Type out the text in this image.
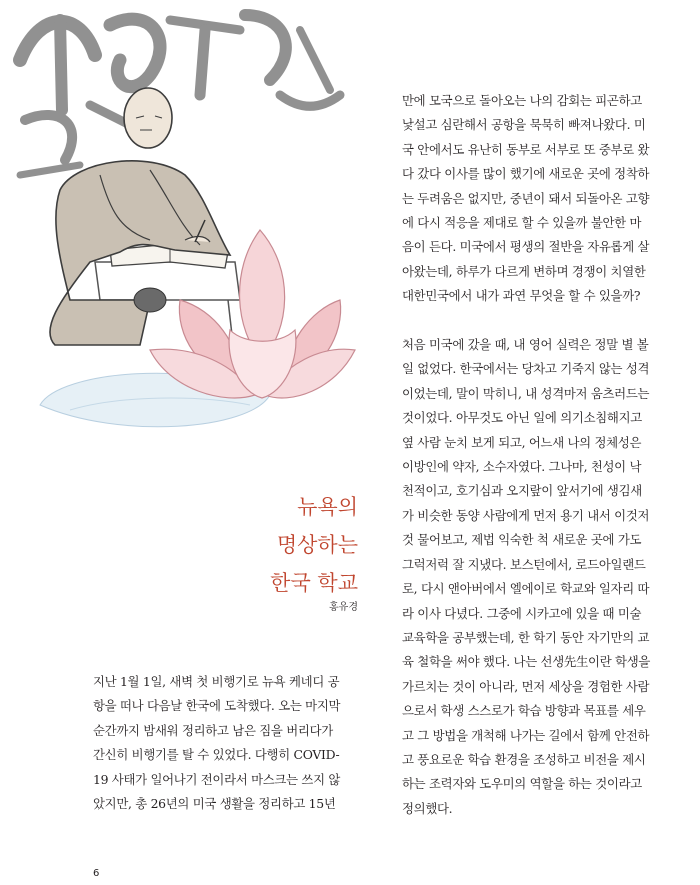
뉴욕의
명상하는
한국 학교
홍유경
지난 1월 1일, 새벽 첫 비행기로 뉴욕 케네디 공
항을 떠나 다음날 한국에 도착했다. 오는 마지막
순간까지 밤새워 정리하고 남은 짐을 버리다가
간신히 비행기를 탈 수 있었다. 다행히 COVID-
19 사태가 일어나기 전이라서 마스크는 쓰지 않
았지만, 총 26년의 미국 생활을 정리하고 15년
만에 모국으로 돌아오는 나의 감회는 피곤하고
낯설고 심란해서 공항을 묵묵히 빠져나왔다. 미
국 안에서도 유난히 동부로 서부로 또 중부로 왔
다 갔다 이사를 많이 했기에 새로운 곳에 정착하
는 두려움은 없지만, 중년이 돼서 되돌아온 고향
에 다시 적응을 제대로 할 수 있을까 불안한 마
음이 든다. 미국에서 평생의 절반을 자유롭게 살
아왔는데, 하루가 다르게 변하며 경쟁이 치열한
대한민국에서 내가 과연 무엇을 할 수 있을까?
처음 미국에 갔을 때, 내 영어 실력은 정말 별 볼
일 없었다. 한국에서는 당차고 기죽지 않는 성격
이었는데, 말이 막히니, 내 성격마저 움츠러드는
것이었다. 아무것도 아닌 일에 의기소침해지고
옆 사람 눈치 보게 되고, 어느새 나의 정체성은
이방인에 약자, 소수자였다. 그나마, 천성이 낙
천적이고, 호기심과 오지랖이 앞서기에 생김새
가 비슷한 동양 사람에게 먼저 용기 내서 이것저
것 물어보고, 제법 익숙한 척 새로운 곳에 가도
그럭저럭 잘 지냈다. 보스턴에서, 로드아일랜드
로, 다시 앤아버에서 엘에이로 학교와 일자리 따
라 이사 다녔다. 그중에 시카고에 있을 때 미술
교육학을 공부했는데, 한 학기 동안 자기만의 교
육 철학을 써야 했다. 나는 선생先生이란 학생을
가르치는 것이 아니라, 먼저 세상을 경험한 사람
으로서 학생 스스로가 학습 방향과 목표를 세우
고 그 방법을 개척해 나가는 길에서 함께 안전하
고 풍요로운 학습 환경을 조성하고 비전을 제시
하는 조력자와 도우미의 역할을 하는 것이라고
정의했다.
6
